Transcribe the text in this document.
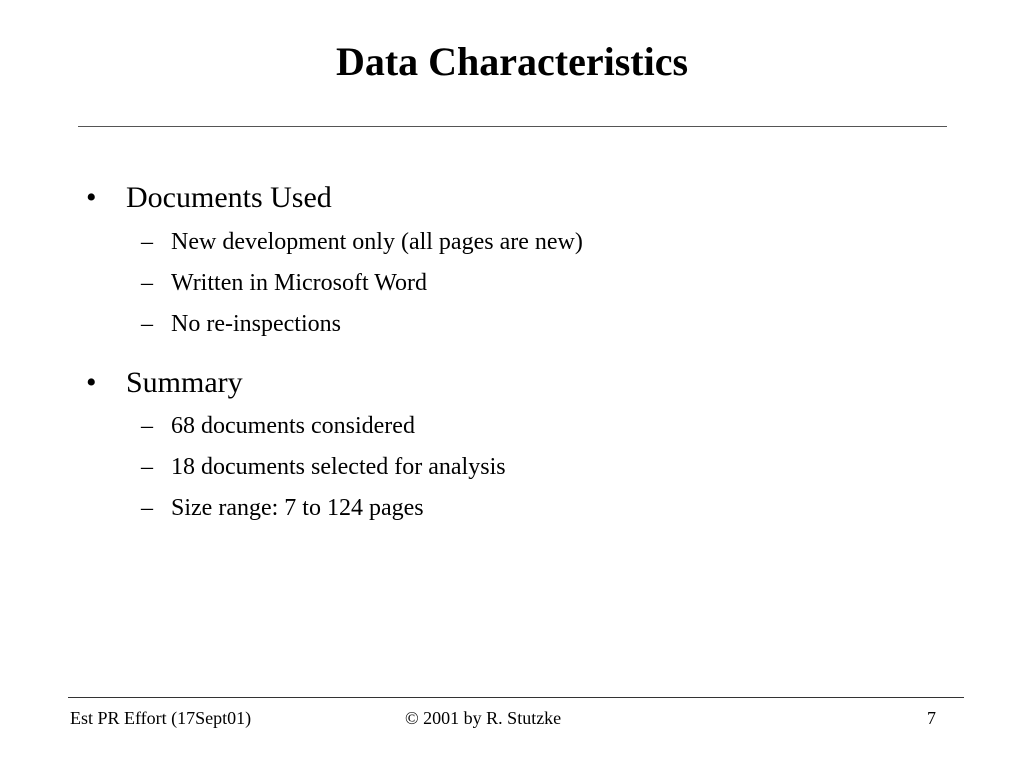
Data Characteristics
• Documents Used
– New development only (all pages are new)
– Written in Microsoft Word
– No re-inspections
• Summary
– 68 documents considered
– 18 documents selected for analysis
– Size range: 7 to 124 pages
Est PR Effort (17Sept01)	© 2001 by R. Stutzke	7
